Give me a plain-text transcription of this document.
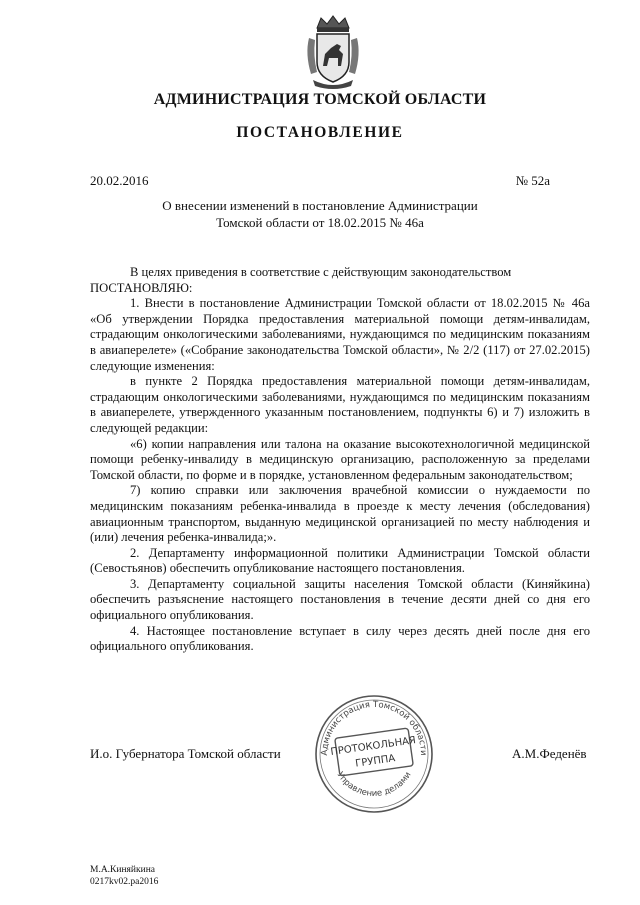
АДМИНИСТРАЦИЯ ТОМСКОЙ ОБЛАСТИ
ПОСТАНОВЛЕНИЕ
20.02.2016	№ 52а
О внесении изменений в постановление Администрации
Томской области от 18.02.2015 № 46а

В целях приведения в соответствие с действующим законодательством

ПОСТАНОВЛЯЮ:

1. Внести в постановление Администрации Томской области от 18.02.2015 № 46а «Об утверждении Порядка предоставления материальной помощи детям-инвалидам, страдающим онкологическими заболеваниями, нуждающимся по медицинским показаниям в авиаперелете» («Собрание законодательства Томской области», № 2/2 (117) от 27.02.2015) следующие изменения:

в пункте 2 Порядка предоставления материальной помощи детям-инвалидам, страдающим онкологическими заболеваниями, нуждающимся по медицинским показаниям в авиаперелете, утвержденного указанным постановлением, подпункты 6) и 7) изложить в следующей редакции:

«6) копии направления или талона на оказание высокотехнологичной медицинской помощи ребенку-инвалиду в медицинскую организацию, расположенную за пределами Томской области, по форме и в порядке, установленном федеральным законодательством;

7) копию справки или заключения врачебной комиссии о нуждаемости по медицинским показаниям ребенка-инвалида в проезде к месту лечения (обследования) авиационным транспортом, выданную медицинской организацией по месту наблюдения и (или) лечения ребенка-инвалида;».

2. Департаменту информационной политики Администрации Томской области (Севостьянов) обеспечить опубликование настоящего постановления.

3. Департаменту социальной защиты населения Томской области (Киняйкина) обеспечить разъяснение настоящего постановления в течение десяти дней со дня его официального опубликования.

4. Настоящее постановление вступает в силу через десять дней после дня его официального опубликования.

Администрация Томской области
Управление делами
ПРОТОКОЛЬНАЯ
ГРУППА
И.о. Губернатора Томской области	А.М.Феденёв
М.А.Киняйкина
0217kv02.pa2016
